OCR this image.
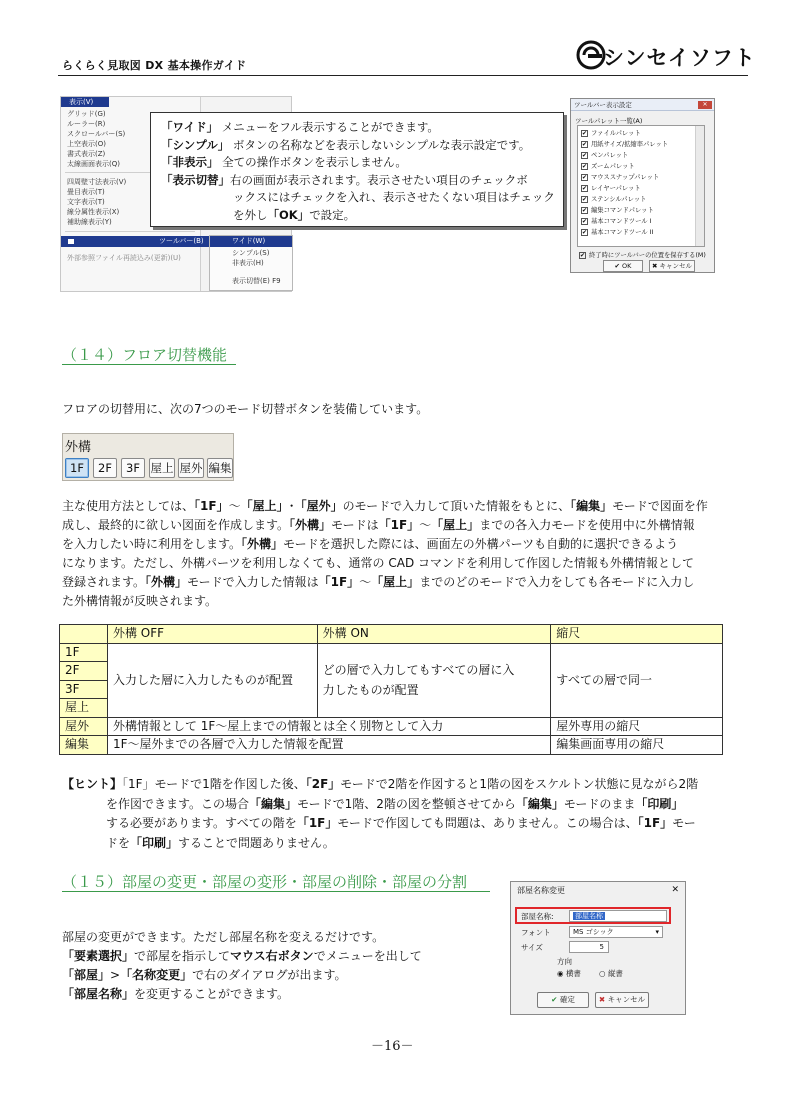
らくらく見取図 DX 基本操作ガイド	シンセイソフト
表示(V)
グリッド(G)
ルーラー(R)
スクロールバー(S)
上空表示(O)
書式表示(Z)
太線画面表示(Q)
四周壁寸法表示(V)
畳目表示(T)
文字表示(T)
線分属性表示(X)
補助線表示(Y)
外部参照ファイル再読込み(更新)(U)
ツールバー(B)	ワイド(W)
シンプル(S)
非表示(H)
表示切替(E) F9
「ワイド」 メニューをフル表示することができます。
「シンプル」 ボタンの名称などを表示しないシンプルな表示設定です。
「非表示」 全ての操作ボタンを表示しません。
「表示切替」右の画面が表示されます。表示させたい項目のチェックボ
ックスにはチェックを入れ、表示させたくない項目はチェック
を外し「OK」で設定。
ツールバー表示設定	✕
ツールパレット一覧(A)
✔ ファイルパレット
✔ 用紙サイズ/拡縮率パレット
✔ ペンパレット
✔ ズームパレット
✔ マウススナップパレット
✔ レイヤーパレット
✔ ステンシルパレット
✔ 編集コマンドパレット
✔ 基本コマンドツール I
✔ 基本コマンドツール II
✔ 終了時にツールバーの位置を保存する(M)
✔ OK	✖ キャンセル
（１４）フロア切替機能
フロアの切替用に、次の7つのモード切替ボタンを装備しています。
外構
1F	2F	3F 屋上 屋外 編集
主な使用方法としては、「1F」～「屋上」･「屋外」のモードで入力して頂いた情報をもとに、「編集」モードで図面を作
成し、最終的に欲しい図面を作成します。「外構」モードは「1F」～「屋上」までの各入力モードを使用中に外構情報
を入力したい時に利用をします。「外構」モードを選択した際には、画面左の外構パーツも自動的に選択できるよう
になります。ただし、外構パーツを利用しなくても、通常の CAD コマンドを利用して作図した情報も外構情報として
登録されます。「外構」モードで入力した情報は「1F」～「屋上」までのどのモードで入力をしても各モードに入力し
た外構情報が反映されます。
	外構 OFF	外構 ON	縮尺
1F	入力した層に入力したものが配置	どの層で入力してもすべての層に入
力したものが配置	すべての層で同一
2F			
3F			
屋上			
屋外	外構情報として 1F～屋上までの情報とは全く別物として入力		屋外専用の縮尺
編集	1F～屋外までの各層で入力した情報を配置		編集画面専用の縮尺
【ヒント】「1F」モードで1階を作図した後、「2F」モードで2階を作図すると1階の図をスケルトン状態に見ながら2階
を作図できます。この場合「編集」モードで1階、2階の図を整頓させてから「編集」モードのまま「印刷」
する必要があります。すべての階を「1F」モードで作図しても問題は、ありません。この場合は、「1F」モー
ドを「印刷」することで問題ありません。
（１５）部屋の変更・部屋の変形・部屋の削除・部屋の分割
部屋の変更ができます。ただし部屋名称を変えるだけです。
「要素選択」で部屋を指示してマウス右ボタンでメニューを出して
「部屋」>「名称変更」で右のダイアログが出ます。
「部屋名称」を変更することができます。
部屋名称変更	✕
部屋名称:	部屋名称
フォント	MS ゴシック	▾
サイズ	5
方向
◉ 横書 ○ 縦書
✔ 確定	✖ キャンセル
－16－
